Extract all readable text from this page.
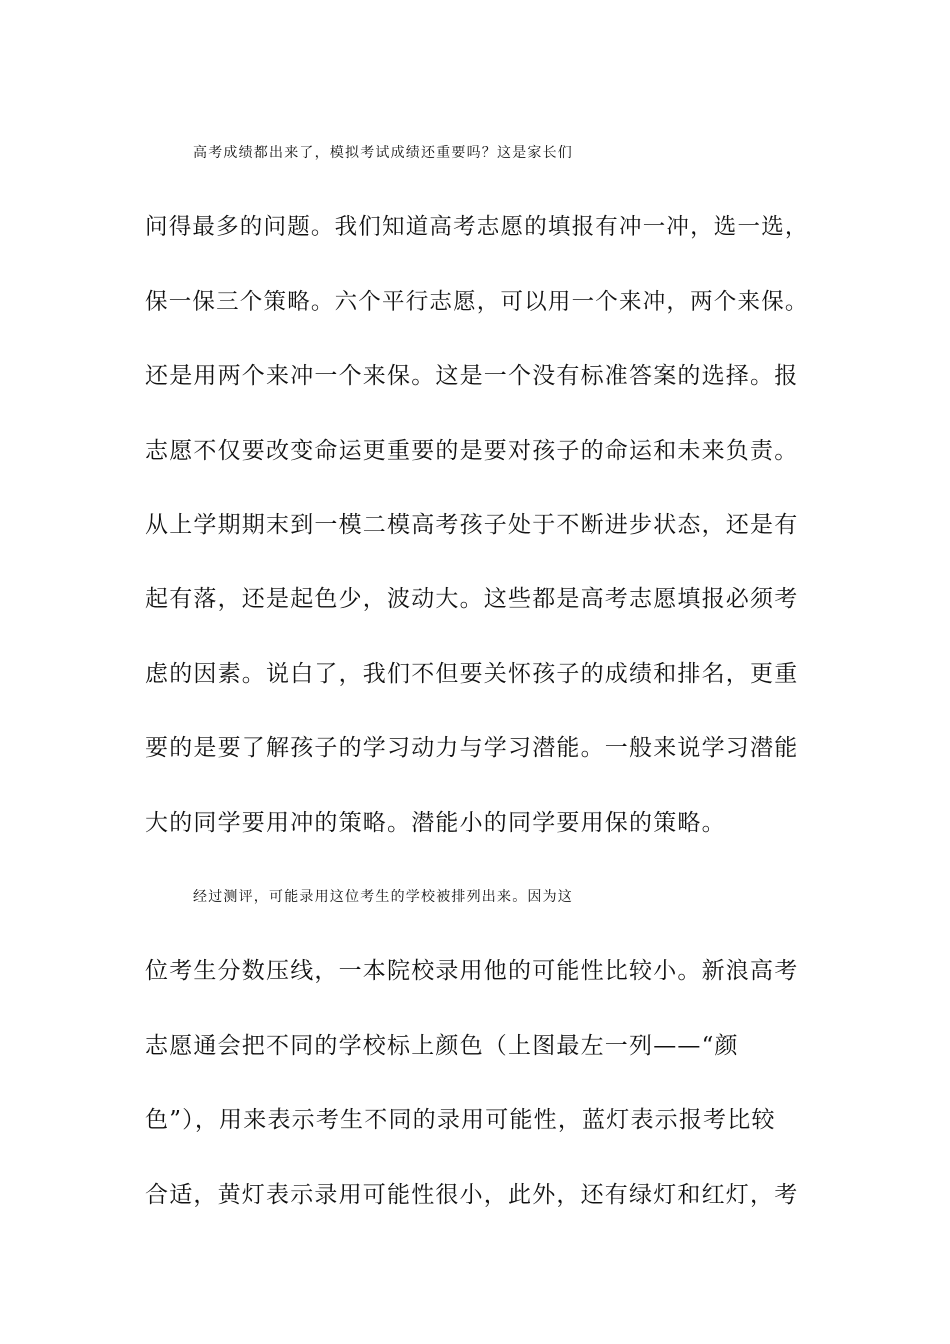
高考成绩都出来了，模拟考试成绩还重要吗？这是家长们
问得最多的问题。我们知道高考志愿的填报有冲一冲，选一选，
保一保三个策略。六个平行志愿，可以用一个来冲，两个来保。
还是用两个来冲一个来保。这是一个没有标准答案的选择。报
志愿不仅要改变命运更重要的是要对孩子的命运和未来负责。
从上学期期末到一模二模高考孩子处于不断进步状态，还是有
起有落，还是起色少，波动大。这些都是高考志愿填报必须考
虑的因素。说白了，我们不但要关怀孩子的成绩和排名，更重
要的是要了解孩子的学习动力与学习潜能。一般来说学习潜能
大的同学要用冲的策略。潜能小的同学要用保的策略。
经过测评，可能录用这位考生的学校被排列出来。因为这
位考生分数压线，一本院校录用他的可能性比较小。新浪高考
志愿通会把不同的学校标上颜色（上图最左一列——“颜
色”），用来表示考生不同的录用可能性，蓝灯表示报考比较
合适，黄灯表示录用可能性很小，此外，还有绿灯和红灯，考
